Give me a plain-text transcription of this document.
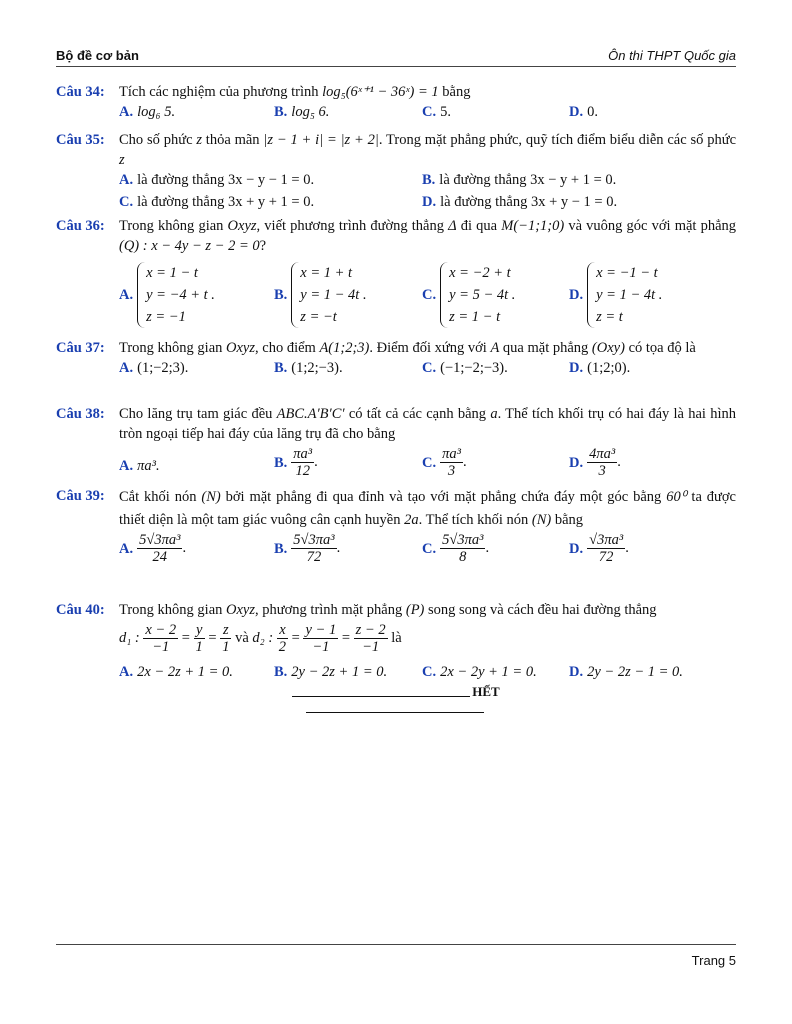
Bộ đề cơ bản	Ôn thi THPT Quốc gia
Câu 34: Tích các nghiệm của phương trình log₅(6ˣ⁺¹ − 36ˣ) = 1 bằng
A. log₆ 5.	B. log₅ 6.	C. 5.	D. 0.
Câu 35: Cho số phức z thỏa mãn |z − 1 + i| = |z + 2|. Trong mặt phẳng phức, quỹ tích điểm biểu diễn các số phức z
A. là đường thẳng 3x − y − 1 = 0.	B. là đường thẳng 3x − y + 1 = 0.
C. là đường thẳng 3x + y + 1 = 0.	D. là đường thẳng 3x + y − 1 = 0.
Câu 36: Trong không gian Oxyz, viết phương trình đường thẳng Δ đi qua M(−1;1;0) và vuông góc với mặt phẳng (Q) : x − 4y − z − 2 = 0?
A.
x = 1 − t
y = −4 + t .
z = −1
B.
x = 1 + t
y = 1 − 4t .
z = −t
C.
x = −2 + t
y = 5 − 4t .
z = 1 − t
D.
x = −1 − t
y = 1 − 4t .
z = t
Câu 37: Trong không gian Oxyz, cho điểm A(1;2;3). Điểm đối xứng với A qua mặt phẳng (Oxy) có tọa độ là
A. (1;−2;3).	B. (1;2;−3).	C. (−1;−2;−3).	D. (1;2;0).
Câu 38: Cho lăng trụ tam giác đều ABC.A′B′C′ có tất cả các cạnh bằng a. Thể tích khối trụ có hai đáy là hai hình tròn ngoại tiếp hai đáy của lăng trụ đã cho bằng
A. πa³.	B. $\frac{\text{πa³}}{12}$ .	C. $\frac{\text{πa³}}{3}$ .	D. $\frac{\text{4πa³}}{3}$ .
Câu 39: Cắt khối nón (N) bởi mặt phẳng đi qua đỉnh và tạo với mặt phẳng chứa đáy một góc bằng 60⁰ ta được thiết diện là một tam giác vuông cân cạnh huyền 2a. Thể tích khối nón (N) bằng
A. $\frac{\text{5√3πa³}}{24}$ .	B. $\frac{\text{5√3πa³}}{72}$ .	C. $\frac{\text{5√3πa³}}{8}$ .	D. $\frac{\text{√3πa³}}{72}$ .
Câu 40: Trong không gian Oxyz, phương trình mặt phẳng (P) song song và cách đều hai đường thẳng
d₁ : $\frac{x - 2}{-1} = \frac{y}{1} = \frac{z}{1}$ và d₂ : $\frac{x}{2} = \frac{y - 1}{-1} = \frac{z - 2}{-1}$ là
A. 2x − 2z + 1 = 0.	B. 2y − 2z + 1 = 0. C. 2x − 2y + 1 = 0. D. 2y − 2z − 1 = 0.
HẾT
Trang 5
